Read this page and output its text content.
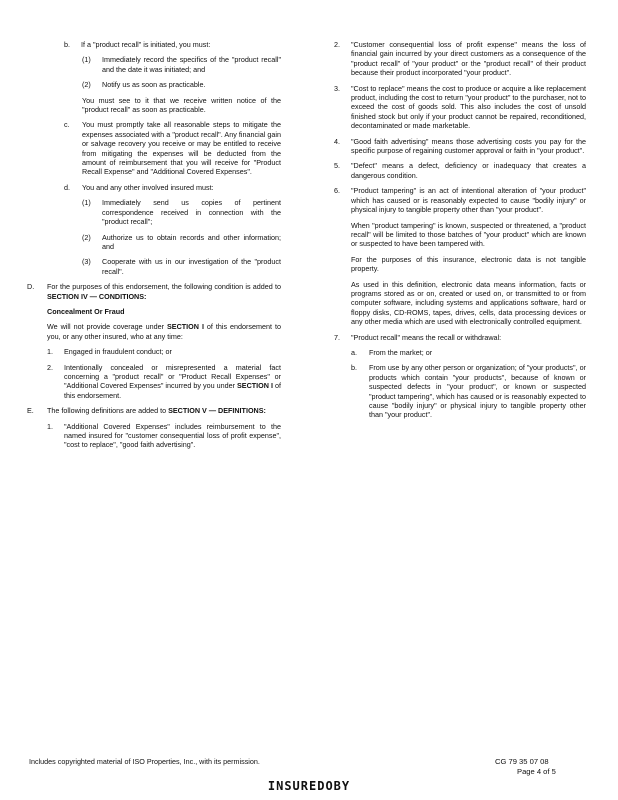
b.	If a "product recall" is initiated, you must:
(1) Immediately record the specifics of the "product recall" and the date it was initiated; and
(2) Notify us as soon as practicable.
You must see to it that we receive written notice of the "product recall" as soon as practicable.
c. You must promptly take all reasonable steps to mitigate the expenses associated with a "product recall". Any financial gain or salvage recovery you receive or may be entitled to receive from mitigating the expenses will be deducted from the amount of reimbursement that you will receive for "Product Recall Expense" and "Additional Covered Expenses".
d. You and any other involved insured must:
(1) Immediately send us copies of pertinent correspondence received in connection with the "product recall";
(2) Authorize us to obtain records and other information; and
(3) Cooperate with us in our investigation of the "product recall".
D. For the purposes of this endorsement, the following condition is added to SECTION IV — CONDITIONS:
Concealment Or Fraud
We will not provide coverage under SECTION I of this endorsement to you, or any other insured, who at any time:
1. Engaged in fraudulent conduct; or
2. Intentionally concealed or misrepresented a material fact concerning a "product recall" or "Product Recall Expenses" or "Additional Covered Expenses" incurred by you under SECTION I of this endorsement.
E. The following definitions are added to SECTION V — DEFINITIONS:
1. "Additional Covered Expenses" includes reimbursement to the named insured for "customer consequential loss of profit expense", "cost to replace", "good faith advertising".
2. "Customer consequential loss of profit expense" means the loss of financial gain incurred by your direct customers as a consequence of the "product recall" of "your product" or the "product recall" of their product because their product incorporated "your product".
3. "Cost to replace" means the cost to produce or acquire a like replacement product, including the cost to return "your product" to the purchaser, not to exceed the cost of goods sold. This also includes the cost of unsold finished stock but only if your product cannot be repaired, reconditioned, decontaminated or made marketable.
4. "Good faith advertising" means those advertising costs you pay for the specific purpose of regaining customer approval or faith in "your product".
5. "Defect" means a defect, deficiency or inadequacy that creates a dangerous condition.
6. "Product tampering" is an act of intentional alteration of "your product" which has caused or is reasonably expected to cause "bodily injury" or physical injury to tangible property other than "your product".
When "product tampering" is known, suspected or threatened, a "product recall" will be limited to those batches of "your product" which are known or suspected to have been tampered with.
For the purposes of this insurance, electronic data is not tangible property.
As used in this definition, electronic data means information, facts or programs stored as or on, created or used on, or transmitted to or from computer software, including systems and applications software, hard or floppy disks, CD-ROMS, tapes, drives, cells, data processing devices or any other media which are used with electronically controlled equipment.
7. "Product recall" means the recall or withdrawal:
a. From the market; or
b. From use by any other person or organization; of "your products", or products which contain "your products", because of known or suspected defects in "your product", or known or suspected "product tampering", which has caused or is reasonably expected to cause "bodily injury" or physical injury to tangible property other than "your product".
Includes copyrighted material of ISO Properties, Inc., with its permission.	CG 79 35 07 08
Page 4 of 5
INSUREDOBY
